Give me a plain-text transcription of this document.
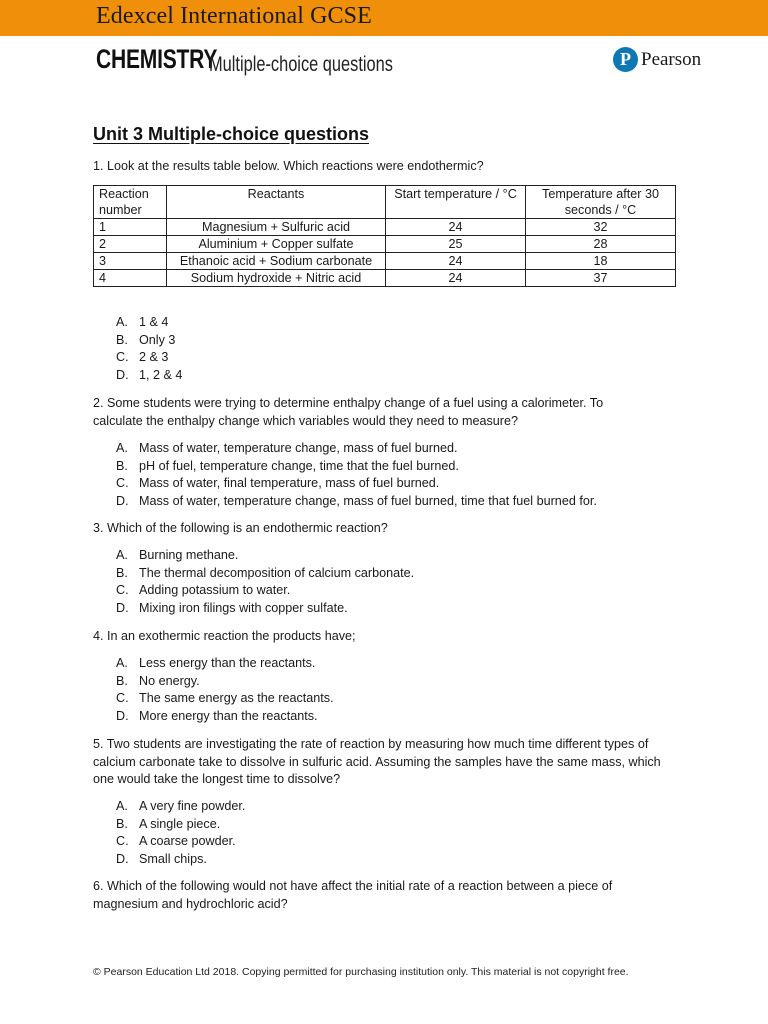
Edexcel International GCSE
CHEMISTRY
Multiple-choice questions	P Pearson
Unit 3 Multiple-choice questions
1. Look at the results table below. Which reactions were endothermic?
Reaction number	Reactants	Start temperature / °C	Temperature after 30 seconds / °C
1	Magnesium + Sulfuric acid	24	32
2	Aluminium + Copper sulfate	25	28
3	Ethanoic acid + Sodium carbonate	24	18
4	Sodium hydroxide + Nitric acid	24	37
A. 1 & 4
B. Only 3
C. 2 & 3
D. 1, 2 & 4
2. Some students were trying to determine enthalpy change of a fuel using a calorimeter. To calculate the enthalpy change which variables would they need to measure?
A. Mass of water, temperature change, mass of fuel burned.
B. pH of fuel, temperature change, time that the fuel burned.
C. Mass of water, final temperature, mass of fuel burned.
D. Mass of water, temperature change, mass of fuel burned, time that fuel burned for.
3. Which of the following is an endothermic reaction?
A. Burning methane.
B. The thermal decomposition of calcium carbonate.
C. Adding potassium to water.
D. Mixing iron filings with copper sulfate.
4. In an exothermic reaction the products have;
A. Less energy than the reactants.
B. No energy.
C. The same energy as the reactants.
D. More energy than the reactants.
5. Two students are investigating the rate of reaction by measuring how much time different types of calcium carbonate take to dissolve in sulfuric acid. Assuming the samples have the same mass, which one would take the longest time to dissolve?
A. A very fine powder.
B. A single piece.
C. A coarse powder.
D. Small chips.
6. Which of the following would not have affect the initial rate of a reaction between a piece of magnesium and hydrochloric acid?
© Pearson Education Ltd 2018. Copying permitted for purchasing institution only. This material is not copyright free.
